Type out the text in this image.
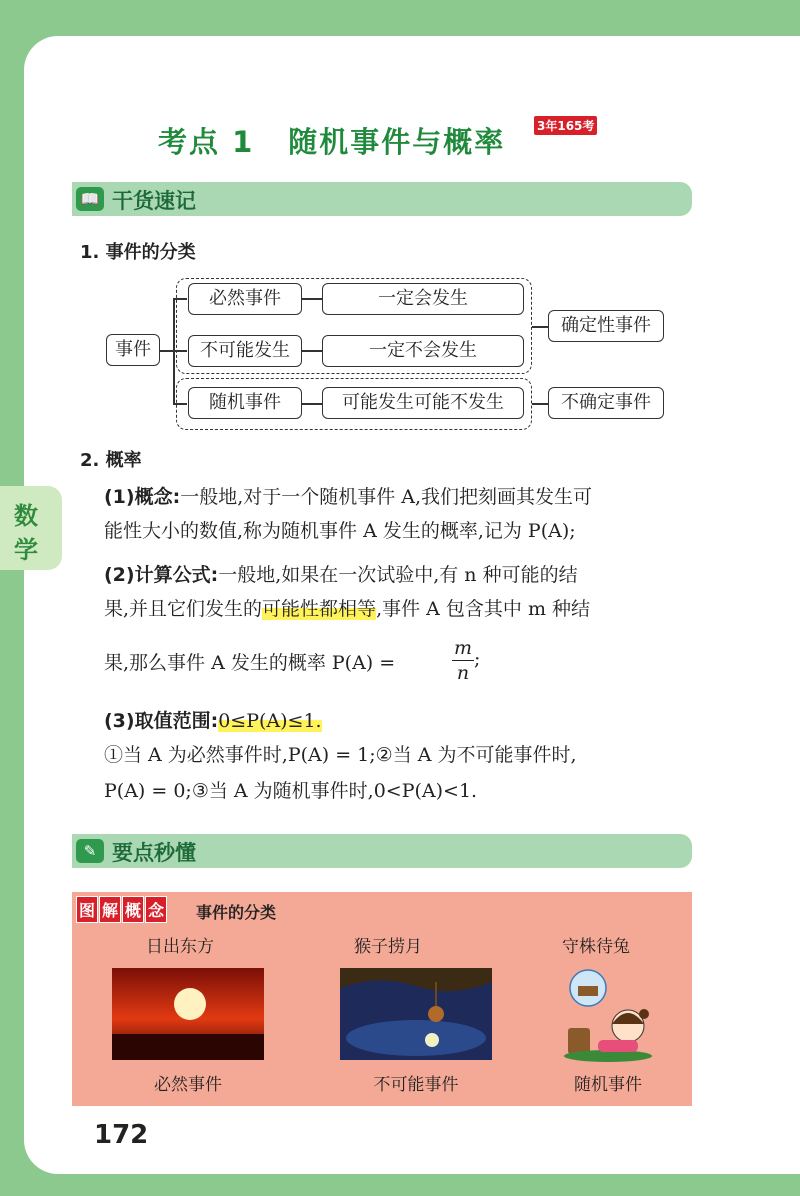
数
学
考点 1 随机事件与概率	3年165考
📖 干货速记
1. 事件的分类
事件
必然事件	一定会发生
不可能发生	一定不会发生
随机事件	可能发生可能不发生
确定性事件
不确定事件
2. 概率
(1)概念:一般地,对于一个随机事件 A,我们把刻画其发生可
能性大小的数值,称为随机事件 A 发生的概率,记为 P(A);
(2)计算公式:一般地,如果在一次试验中,有 n 种可能的结
果,并且它们发生的可能性都相等,事件 A 包含其中 m 种结
果,那么事件 A 发生的概率 P(A) =	$\frac{m}{n}$ ;
(3)取值范围:0≤P(A)≤1.
①当 A 为必然事件时,P(A) = 1;②当 A 为不可能事件时,
P(A) = 0;③当 A 为随机事件时,0<P(A)<1.
✎ 要点秒懂
图 解 概 念 事件的分类
日出东方	猴子捞月	守株待兔
必然事件	不可能事件	随机事件
172
